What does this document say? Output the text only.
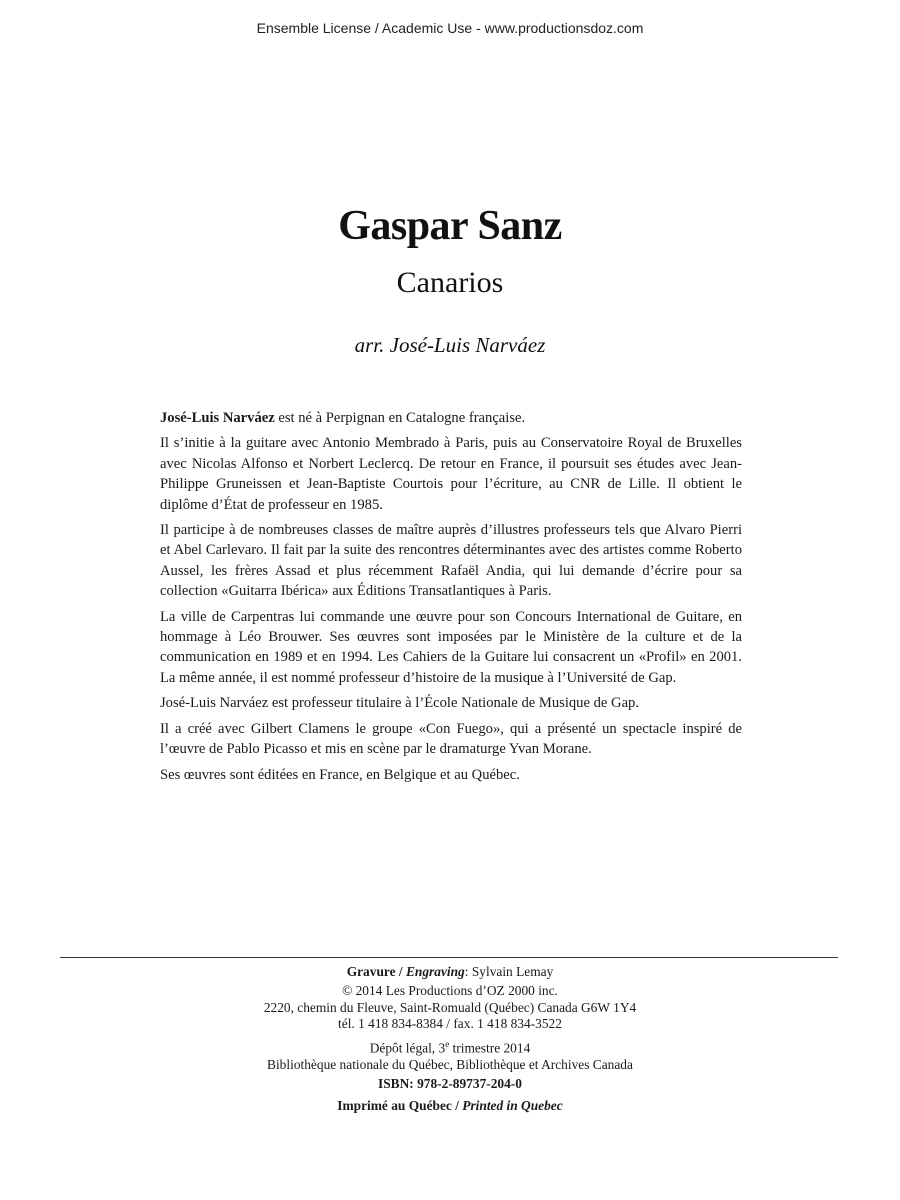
Ensemble License / Academic Use - www.productionsdoz.com
Gaspar Sanz
Canarios
arr. José-Luis Narváez

José-Luis Narváez est né à Perpignan en Catalogne française.

Il s’initie à la guitare avec Antonio Membrado à Paris, puis au Conservatoire Royal de Bruxelles avec Nicolas Alfonso et Norbert Leclercq. De retour en France, il poursuit ses études avec Jean-Philippe Gruneissen et Jean-Baptiste Courtois pour l’écriture, au CNR de Lille. Il obtient le diplôme d’État de professeur en 1985.

Il participe à de nombreuses classes de maître auprès d’illustres professeurs tels que Alvaro Pierri et Abel Carlevaro. Il fait par la suite des rencontres déterminantes avec des artistes comme Roberto Aussel, les frères Assad et plus récemment Rafaël Andia, qui lui demande d’écrire pour sa collection «Guitarra Ibérica» aux Éditions Transatlantiques à Paris.

La ville de Carpentras lui commande une œuvre pour son Concours International de Guitare, en hommage à Léo Brouwer. Ses œuvres sont imposées par le Ministère de la culture et de la communication en 1989 et en 1994. Les Cahiers de la Guitare lui consacrent un «Profil» en 2001. La même année, il est nommé professeur d’histoire de la musique à l’Université de Gap.

José-Luis Narváez est professeur titulaire à l’École Nationale de Musique de Gap.

Il a créé avec Gilbert Clamens le groupe «Con Fuego», qui a présenté un spectacle inspiré de l’œuvre de Pablo Picasso et mis en scène par le dramaturge Yvan Morane.

Ses œuvres sont éditées en France, en Belgique et au Québec.

Gravure / Engraving: Sylvain Lemay
© 2014 Les Productions d’OZ 2000 inc.
2220, chemin du Fleuve, Saint-Romuald (Québec) Canada G6W 1Y4
tél. 1 418 834-8384 / fax. 1 418 834-3522
Dépôt légal, 3e trimestre 2014
Bibliothèque nationale du Québec, Bibliothèque et Archives Canada
ISBN: 978-2-89737-204-0
Imprimé au Québec / Printed in Quebec
